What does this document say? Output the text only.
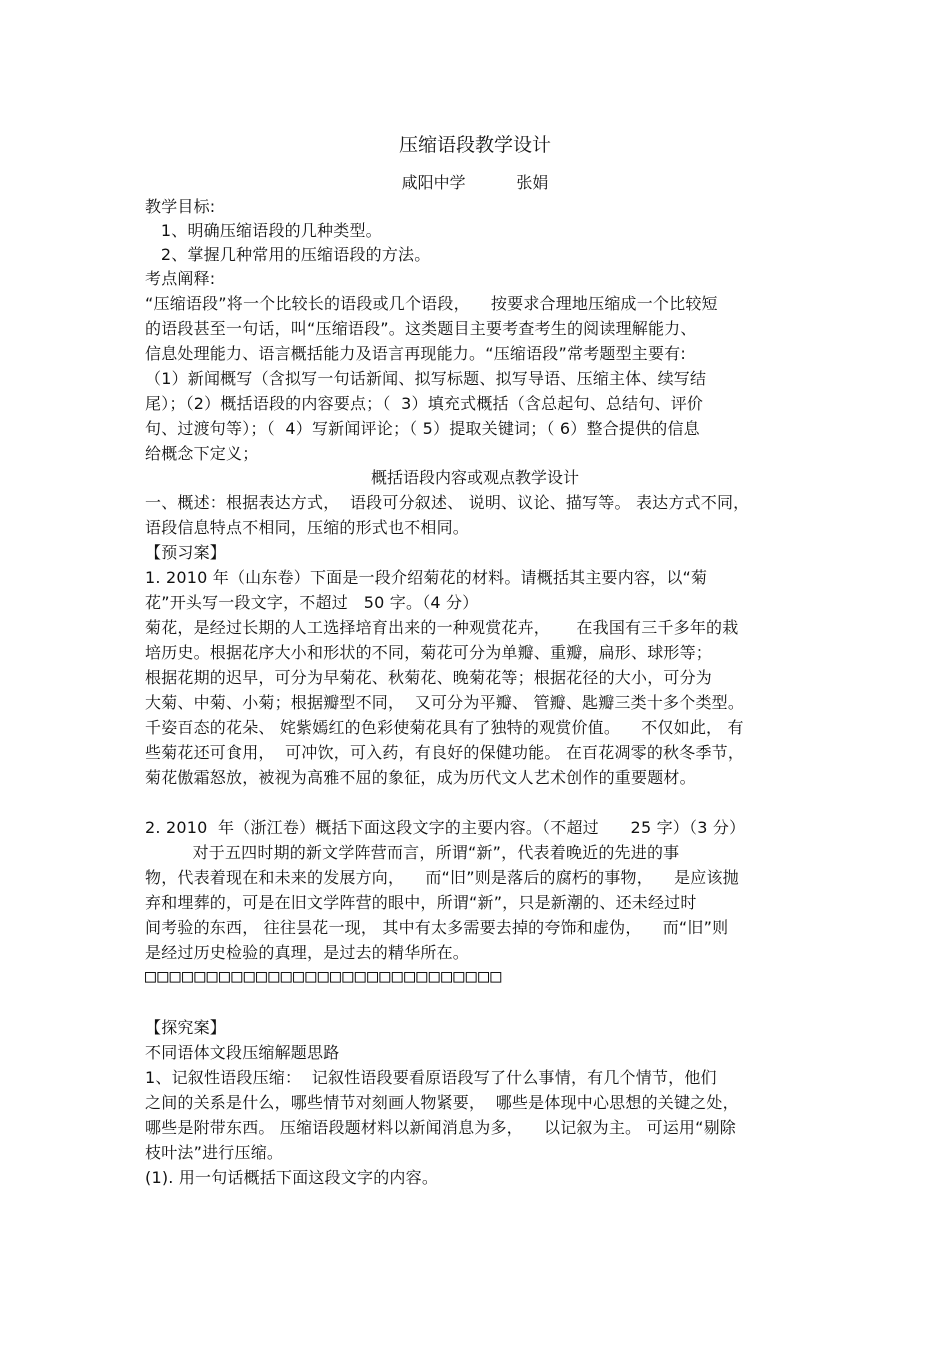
压缩语段教学设计
咸阳中学          张娟
教学目标:
1、明确压缩语段的几种类型。
2、掌握几种常用的压缩语段的方法。
考点阐释:
“压缩语段”将一个比较长的语段或几个语段，    按要求合理地压缩成一个比较短
的语段甚至一句话，叫“压缩语段”。这类题目主要考查考生的阅读理解能力、
信息处理能力、语言概括能力及语言再现能力。“压缩语段”常考题型主要有:
（1）新闻概写（含拟写一句话新闻、拟写标题、拟写导语、压缩主体、续写结
尾）；（2）概括语段的内容要点；（  3）填充式概括（含总起句、总结句、评价
句、过渡句等）；（  4）写新闻评论；（ 5）提取关键词；（ 6）整合提供的信息
给概念下定义；
概括语段内容或观点教学设计
一、概述：根据表达方式，  语段可分叙述、 说明、议论、描写等。 表达方式不同，
语段信息特点不相同，压缩的形式也不相同。
【预习案】
1. 2010 年（山东卷）下面是一段介绍菊花的材料。请概括其主要内容，以“菊
花”开头写一段文字，不超过   50 字。（4 分）
菊花，是经过长期的人工选择培育出来的一种观赏花卉，     在我国有三千多年的栽
培历史。根据花序大小和形状的不同，菊花可分为单瓣、重瓣，扁形、球形等；
根据花期的迟早，可分为早菊花、秋菊花、晚菊花等；根据花径的大小，可分为
大菊、中菊、小菊；根据瓣型不同，  又可分为平瓣、 管瓣、匙瓣三类十多个类型。
千姿百态的花朵、 姹紫嫣红的色彩使菊花具有了独特的观赏价值。    不仅如此， 有
些菊花还可食用，  可冲饮，可入药，有良好的保健功能。 在百花凋零的秋冬季节，
菊花傲霜怒放，被视为高雅不屈的象征，成为历代文人艺术创作的重要题材。
2. 2010  年（浙江卷）概括下面这段文字的主要内容。（不超过      25 字）（3 分）
对于五四时期的新文学阵营而言，所谓“新”，代表着晚近的先进的事
物，代表着现在和未来的发展方向，    而“旧”则是落后的腐朽的事物，    是应该抛
弃和埋葬的，可是在旧文学阵营的眼中，所谓“新”，只是新潮的、还未经过时
间考验的东西， 往往昙花一现， 其中有太多需要去掉的夸饰和虚伪，    而“旧”则
是经过历史检验的真理，是过去的精华所在。
□□□□□□□□□□□□□□□□□□□□□□□□□□□□□
【探究案】
不同语体文段压缩解题思路
1、记叙性语段压缩：  记叙性语段要看原语段写了什么事情，有几个情节，他们
之间的关系是什么，哪些情节对刻画人物紧要，  哪些是体现中心思想的关键之处，
哪些是附带东西。 压缩语段题材料以新闻消息为多，    以记叙为主。 可运用“剔除
枝叶法”进行压缩。
(1). 用一句话概括下面这段文字的内容。
